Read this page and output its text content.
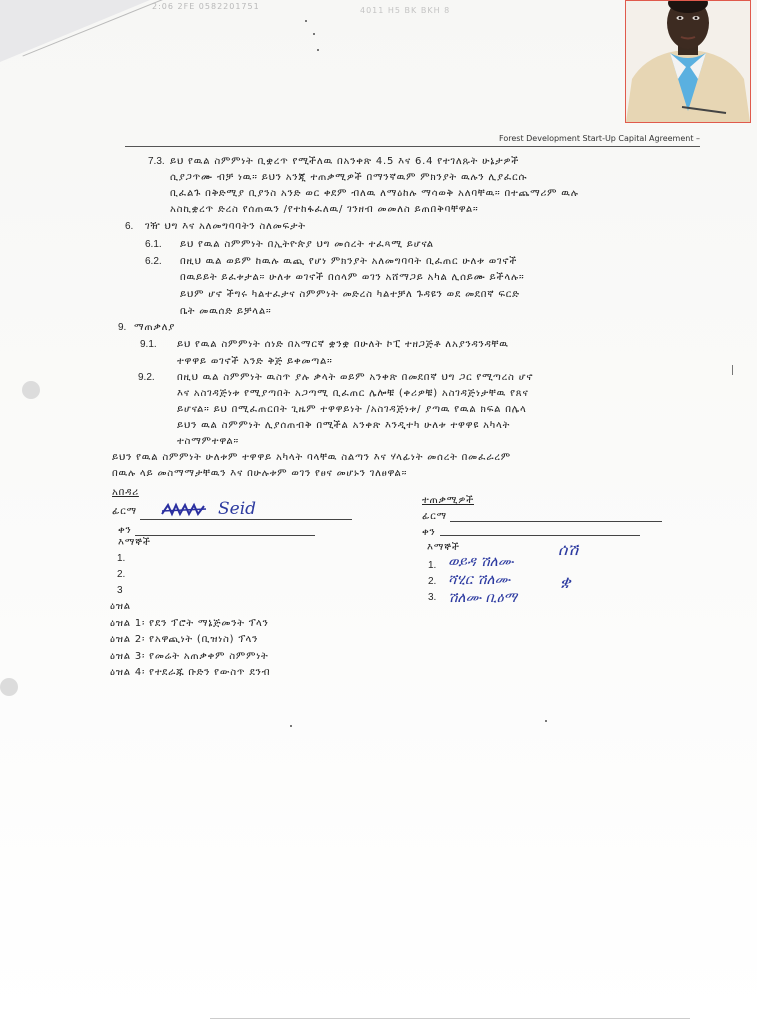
2:06 2FE 0582201751	4011 H5 BK BKH 8
Forest Development Start-Up Capital Agreement –
7.3. ይህ የዉል ስምምነት ቢቋረጥ የሚችለዉ በአንቀጽ 4.5 እና 6.4 የተገለጹት ሁኔታዎች
ሲያጋጥሙ ብቻ ነዉ። ይህን አንጂ ተጠቃሚዎች በማንኛዉም ምክንያት ዉሉን ሊያፈርሱ
ቢፈልጉ በቅድሚያ ቢያንስ አንድ ወር ቀደም ብለዉ ለማዕከሉ ማሳወቅ አለባቸዉ። በተጨማሪም ዉሉ
አስኪቋረጥ ድረስ የሰጠዉን /የተከፋፈለዉ/ ገንዘብ መመለስ ይጠበቅባቸዋል።
6. ገዥ ህግ እና አለመግባባትን ስለመፍታት
6.1. ይህ የዉል ስምምነት በኢትዮጵያ ህግ መሰረት ተፈጻሚ ይሆናል
6.2. በዚህ ዉል ወይም ከዉሉ ዉጪ የሆነ ምክንያት አለመግባባት ቢፈጠር ሁለቱ ወገኖች
በዉይይት ይፈቱታል። ሁለቱ ወገኖች በሰላም ወገን አሸማጋይ አካል ሊሰይሙ ይችላሉ።
ይህም ሆኖ ችግሩ ካልተፈታና ስምምነት መድረስ ካልተቻለ ጉዳዩን ወደ መደበኛ ፍርድ
ቤት መዉሰድ ይቻላል።
9. ማጠቃለያ
9.1. ይህ የዉል ስምምነት ሰነድ በአማርኛ ቋንቋ በሁለት ኮፒ ተዘጋጅቶ ለአያንዳንዳቸዉ
ተዋዋይ ወገኖች አንድ ቅጅ ይቀመጣል።
9.2. በዚህ ዉል ስምምነት ዉስጥ ያሉ ቃላት ወይም አንቀጽ በመደበኛ ህግ ጋር የሚጣረስ ሆኖ
እና አስገዳጅነቱ የሚያጣበት አጋጣሚ ቢፈጠር ሌሎቹ (ቀሪዎቹ) አስገዳጅነታቸዉ የጸና
ይሆናል። ይህ በሚፈጠርበት ጊዜም ተዋዋይነት /አስገዳጅነቱ/ ያጣዉ የዉል ክፍል በሌላ
ይህን ዉል ስምምነት ሊያሰጠብቅ በሚችል አንቀጽ እንዲተካ ሁለቱ ተዋዋዩ አካላት
ተስማምተዋል።
ይህን የዉል ስምምነት ሁለቱም ተዋዋይ አካላት ባላቸዉ ስልጣን እና ሃላፊነት መሰረት በመፈራረም
በዉሉ ላይ መስማማታቸዉን እና በሁሉቱም ወገን የፀና መሆኑን ገለፀዋል።
አበዳሪ
ፊርማ	Seid
ቀን
እማኞች
1.
2.
3
ተጠቃሚዎች
ፊርማ
ቀን
እማኞች
1. ወይዳ ሽለሙ
ሰሽ
2. ሻሂር ሽለሙ	ቋ
3. ሽለሙ ቢዕማ
ዕዝል
ዕዝል 1፡ የደን ፕሮት ማኔጅመንት ፕላን
ዕዝል 2፡ የአዋጪነት (ቢዝነስ) ፕላን
ዕዝል 3፡ የመሬት አጠቃቀም ስምምነት
ዕዝል 4፡ የተደራጁ ቡድን የውስጥ ደንብ
